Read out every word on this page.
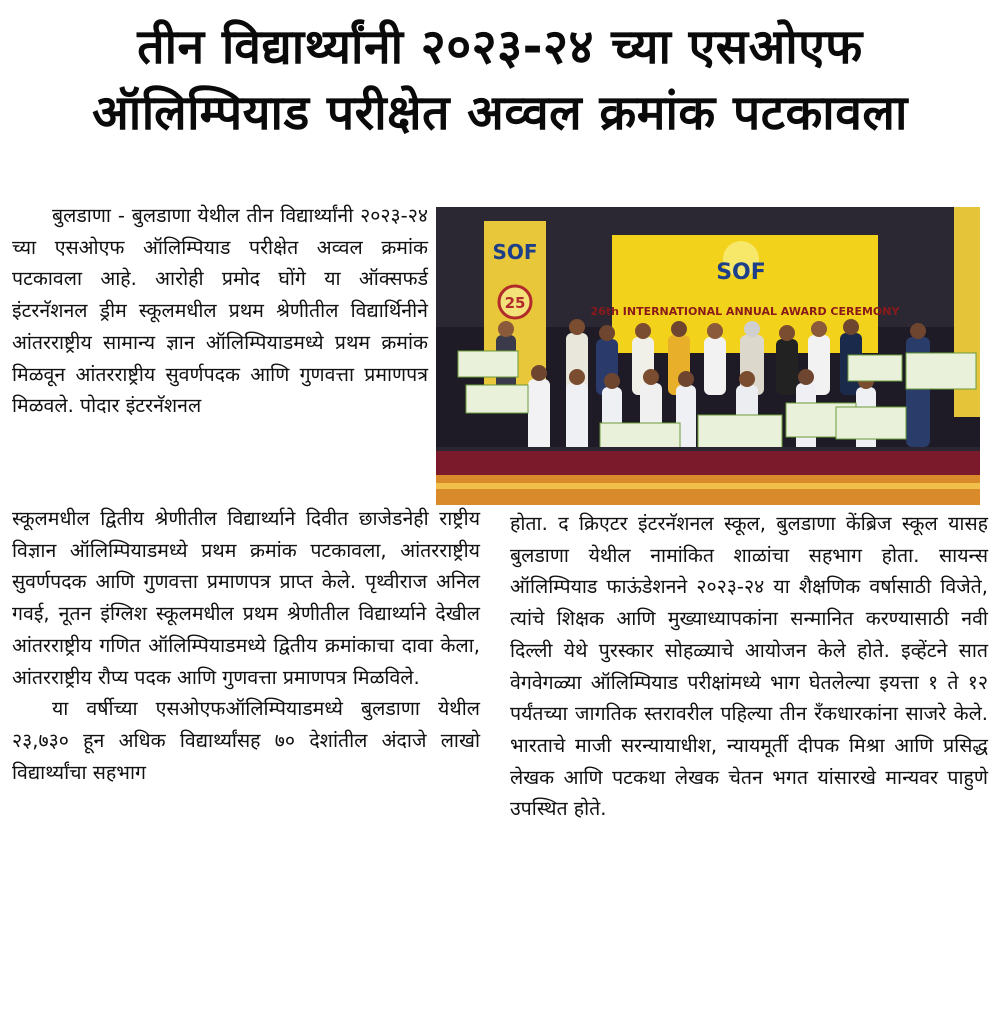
तीन विद्यार्थ्यांनी २०२३-२४ च्या एसओएफ
ऑलिम्पियाड परीक्षेत अव्वल क्रमांक पटकावला

बुलडाणा - बुलडाणा येथील तीन विद्यार्थ्यांनी २०२३-२४ च्या एसओएफ ऑलिम्पियाड परीक्षेत अव्वल क्रमांक पटकावला आहे. आरोही प्रमोद घोंगे या ऑक्सफर्ड इंटरनॅशनल ड्रीम स्कूलमधील प्रथम श्रेणीतील विद्यार्थिनीने आंतरराष्ट्रीय सामान्य ज्ञान ऑलिम्पियाडमध्ये प्रथम क्रमांक मिळवून आंतरराष्ट्रीय सुवर्णपदक आणि गुणवत्ता प्रमाणपत्र मिळवले. पोदार इंटरनॅशनल

SOF
25
SOF
26th INTERNATIONAL ANNUAL AWARD CEREMONY

स्कूलमधील द्वितीय श्रेणीतील विद्यार्थ्याने दिवीत छाजेडनेही राष्ट्रीय विज्ञान ऑलिम्पियाडमध्ये प्रथम क्रमांक पटकावला, आंतरराष्ट्रीय सुवर्णपदक आणि गुणवत्ता प्रमाणपत्र प्राप्त केले. पृथ्वीराज अनिल गवई, नूतन इंग्लिश स्कूलमधील प्रथम श्रेणीतील विद्यार्थ्याने देखील आंतरराष्ट्रीय गणित ऑलिम्पियाडमध्ये द्वितीय क्रमांकाचा दावा केला, आंतरराष्ट्रीय रौप्य पदक आणि गुणवत्ता प्रमाणपत्र मिळविले.

या वर्षीच्या एसओएफऑलिम्पियाडमध्ये बुलडाणा येथील २३,७३० हून अधिक विद्यार्थ्यांसह ७० देशांतील अंदाजे लाखो विद्यार्थ्यांचा सहभाग

होता. द क्रिएटर इंटरनॅशनल स्कूल, बुलडाणा केंब्रिज स्कूल यासह बुलडाणा येथील नामांकित शाळांचा सहभाग होता. सायन्स ऑलिम्पियाड फाऊंडेशनने २०२३-२४ या शैक्षणिक वर्षासाठी विजेते, त्यांचे शिक्षक आणि मुख्याध्यापकांना सन्मानित करण्यासाठी नवी दिल्ली येथे पुरस्कार सोहळ्याचे आयोजन केले होते. इव्हेंटने सात वेगवेगळ्या ऑलिम्पियाड परीक्षांमध्ये भाग घेतलेल्या इयत्ता १ ते १२ पर्यंतच्या जागतिक स्तरावरील पहिल्या तीन रँकधारकांना साजरे केले. भारताचे माजी सरन्यायाधीश, न्यायमूर्ती दीपक मिश्रा आणि प्रसिद्ध लेखक आणि पटकथा लेखक चेतन भगत यांसारखे मान्यवर पाहुणे उपस्थित होते.
